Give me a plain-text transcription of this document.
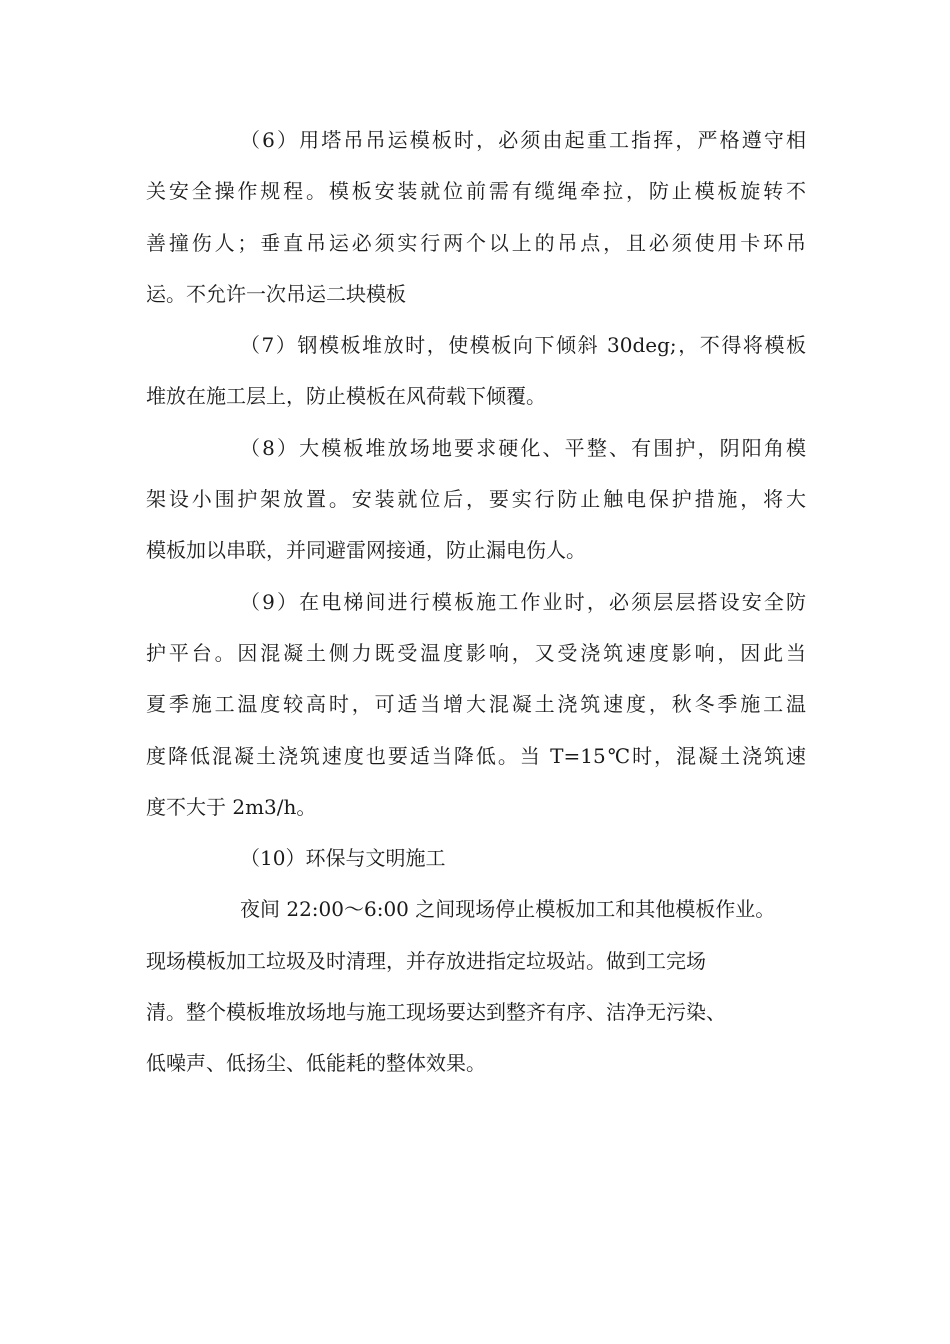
（6）用塔吊吊运模板时，必须由起重工指挥，严格遵守相
关安全操作规程。模板安装就位前需有缆绳牵拉，防止模板旋转不
善撞伤人；垂直吊运必须实行两个以上的吊点，且必须使用卡环吊
运。不允许一次吊运二块模板
（7）钢模板堆放时，使模板向下倾斜 30deg;，不得将模板
堆放在施工层上，防止模板在风荷载下倾覆。
（8）大模板堆放场地要求硬化、平整、有围护，阴阳角模
架设小围护架放置。安装就位后，要实行防止触电保护措施，将大
模板加以串联，并同避雷网接通，防止漏电伤人。
（9）在电梯间进行模板施工作业时，必须层层搭设安全防
护平台。因混凝土侧力既受温度影响，又受浇筑速度影响，因此当
夏季施工温度较高时，可适当增大混凝土浇筑速度，秋冬季施工温
度降低混凝土浇筑速度也要适当降低。当 T=15℃时，混凝土浇筑速
度不大于 2m3/h。
（10）环保与文明施工
夜间 22:00～6:00 之间现场停止模板加工和其他模板作业。
现场模板加工垃圾及时清理，并存放进指定垃圾站。做到工完场
清。整个模板堆放场地与施工现场要达到整齐有序、洁净无污染、
低噪声、低扬尘、低能耗的整体效果。
